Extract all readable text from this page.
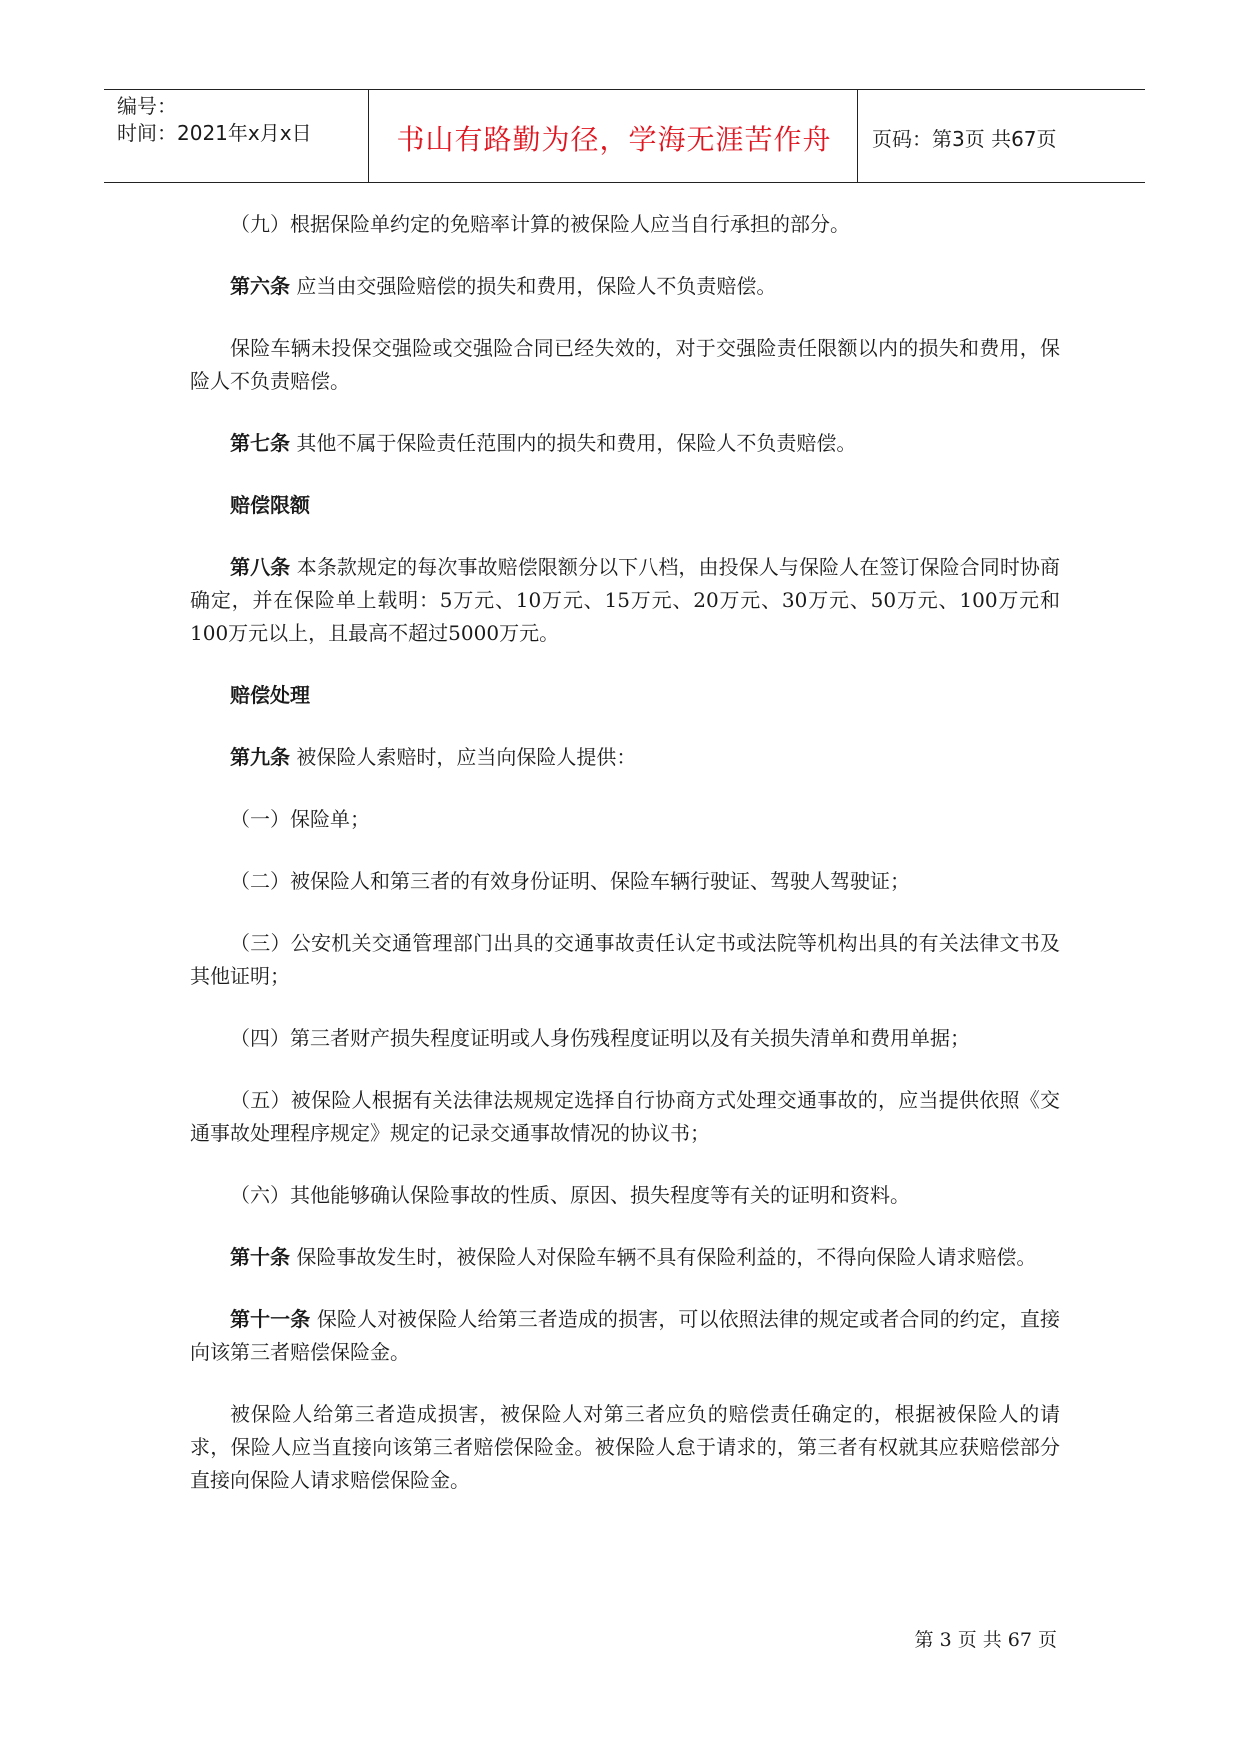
编号：
时间：2021年x月x日	书山有路勤为径，学海无涯苦作舟	页码：第3页 共67页

（九）根据保险单约定的免赔率计算的被保险人应当自行承担的部分。

第六条 应当由交强险赔偿的损失和费用，保险人不负责赔偿。

保险车辆未投保交强险或交强险合同已经失效的，对于交强险责任限额以内的损失和费用，保险人不负责赔偿。

第七条 其他不属于保险责任范围内的损失和费用，保险人不负责赔偿。

赔偿限额

第八条 本条款规定的每次事故赔偿限额分以下八档，由投保人与保险人在签订保险合同时协商确定，并在保险单上载明：5万元、10万元、15万元、20万元、30万元、50万元、100万元和100万元以上，且最高不超过5000万元。

赔偿处理

第九条 被保险人索赔时，应当向保险人提供：

（一）保险单；

（二）被保险人和第三者的有效身份证明、保险车辆行驶证、驾驶人驾驶证；

（三）公安机关交通管理部门出具的交通事故责任认定书或法院等机构出具的有关法律文书及其他证明；

（四）第三者财产损失程度证明或人身伤残程度证明以及有关损失清单和费用单据；

（五）被保险人根据有关法律法规规定选择自行协商方式处理交通事故的，应当提供依照《交通事故处理程序规定》规定的记录交通事故情况的协议书；

（六）其他能够确认保险事故的性质、原因、损失程度等有关的证明和资料。

第十条 保险事故发生时，被保险人对保险车辆不具有保险利益的，不得向保险人请求赔偿。

第十一条 保险人对被保险人给第三者造成的损害，可以依照法律的规定或者合同的约定，直接向该第三者赔偿保险金。

被保险人给第三者造成损害，被保险人对第三者应负的赔偿责任确定的，根据被保险人的请求，保险人应当直接向该第三者赔偿保险金。被保险人怠于请求的，第三者有权就其应获赔偿部分直接向保险人请求赔偿保险金。

第 3 页 共 67 页
